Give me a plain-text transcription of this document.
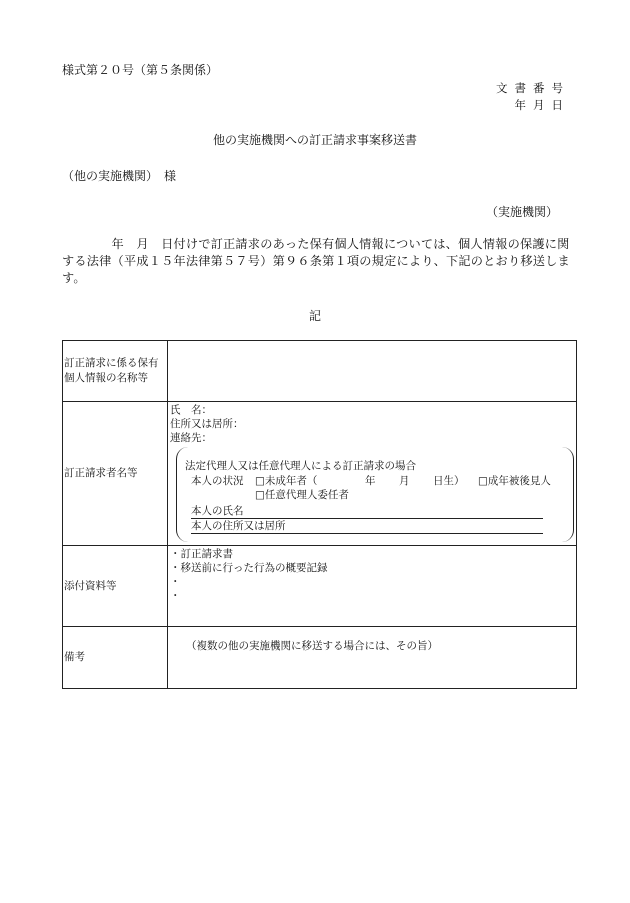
様式第２０号（第５条関係）
文書番号
年月日
他の実施機関への訂正請求事案移送書
（他の実施機関）　様
（実施機関）
　　　　年　月　日付けで訂正請求のあった保有個人情報については、個人情報の保護に関する法律（平成１５年法律第５７号）第９６条第１項の規定により、下記のとおり移送します。
記
訂正請求に係る保有個人情報の名称等
訂正請求者名等
氏　名：
住所又は居所：
連絡先：
法定代理人又は任意代理人による訂正請求の場合
本人の状況 □未成年者（	年 月 日生） □成年被後見人
□任意代理人委任者
本人の氏名
本人の住所又は居所
添付資料等
・訂正請求書
・移送前に行った行為の概要記録
・
・
備考
（複数の他の実施機関に移送する場合には、その旨）
